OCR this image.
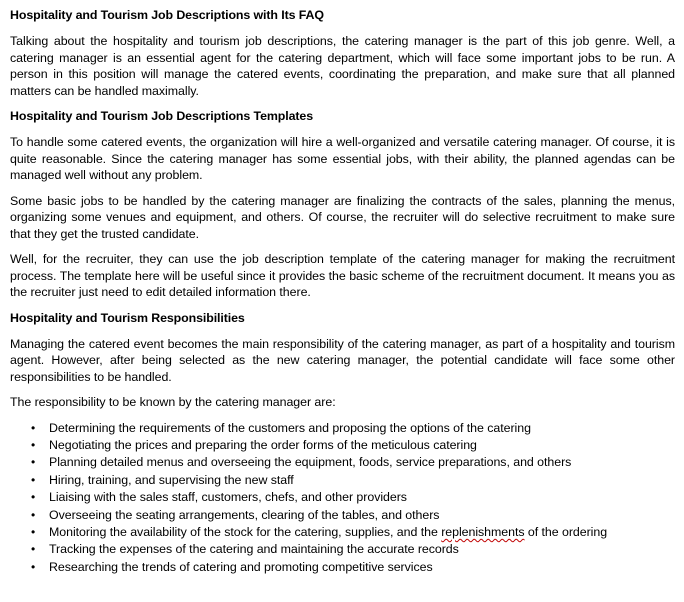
Hospitality and Tourism Job Descriptions with Its FAQ

Talking about the hospitality and tourism job descriptions, the catering manager is the part of this job genre. Well, a catering manager is an essential agent for the catering department, which will face some important jobs to be run. A person in this position will manage the catered events, coordinating the preparation, and make sure that all planned matters can be handled maximally.

Hospitality and Tourism Job Descriptions Templates

To handle some catered events, the organization will hire a well-organized and versatile catering manager. Of course, it is quite reasonable. Since the catering manager has some essential jobs, with their ability, the planned agendas can be managed well without any problem.

Some basic jobs to be handled by the catering manager are finalizing the contracts of the sales, planning the menus, organizing some venues and equipment, and others. Of course, the recruiter will do selective recruitment to make sure that they get the trusted candidate.

Well, for the recruiter, they can use the job description template of the catering manager for making the recruitment process. The template here will be useful since it provides the basic scheme of the recruitment document. It means you as the recruiter just need to edit detailed information there.

Hospitality and Tourism Responsibilities

Managing the catered event becomes the main responsibility of the catering manager, as part of a hospitality and tourism agent. However, after being selected as the new catering manager, the potential candidate will face some other responsibilities to be handled.

The responsibility to be known by the catering manager are:

• Determining the requirements of the customers and proposing the options of the catering
• Negotiating the prices and preparing the order forms of the meticulous catering
• Planning detailed menus and overseeing the equipment, foods, service preparations, and others
• Hiring, training, and supervising the new staff
• Liaising with the sales staff, customers, chefs, and other providers
• Overseeing the seating arrangements, clearing of the tables, and others
• Monitoring the availability of the stock for the catering, supplies, and the replenishments of the ordering
• Tracking the expenses of the catering and maintaining the accurate records
• Researching the trends of catering and promoting competitive services
